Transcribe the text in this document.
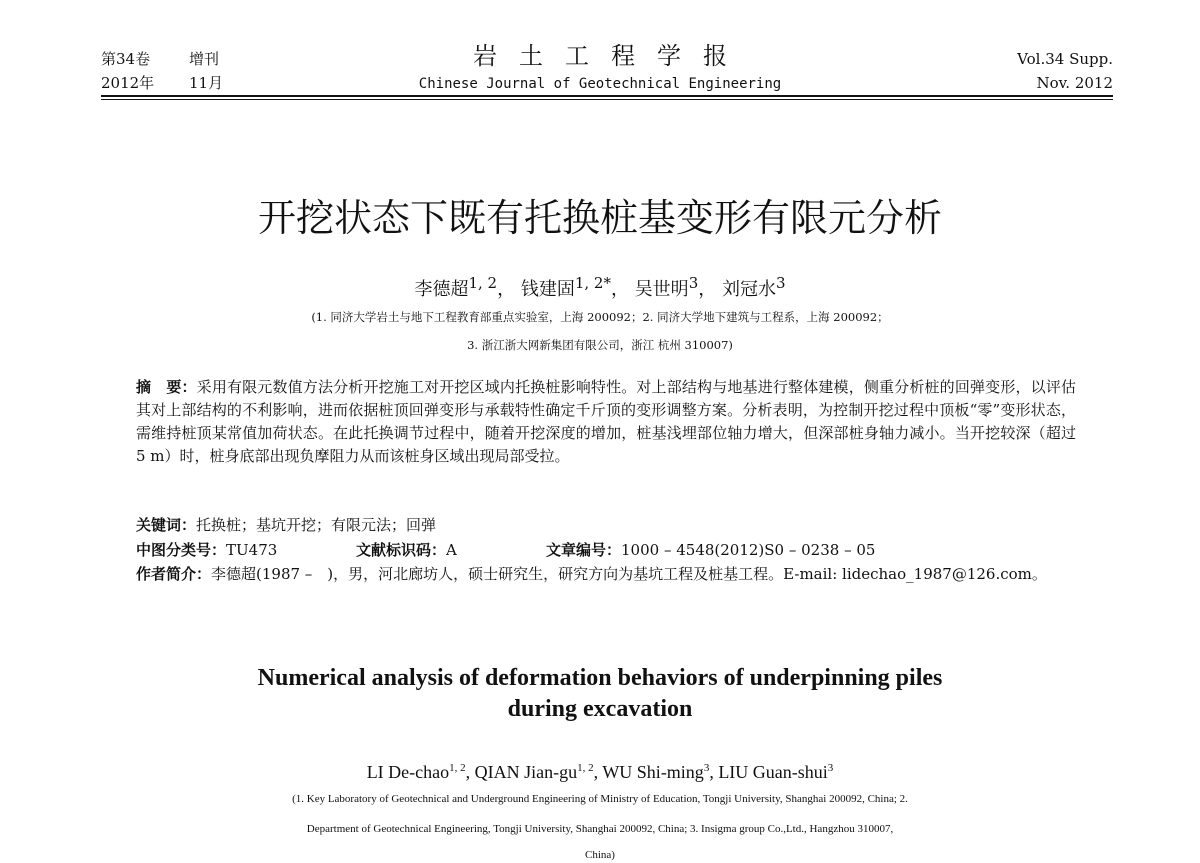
第34卷	增刊
2012年 11月
岩土工程学报
Chinese Journal of Geotechnical Engineering
Vol.34 Supp.
Nov. 2012
开挖状态下既有托换桩基变形有限元分析
李德超$^{1, 2}$， 钱建固$^{1, 2*}$， 吴世明$^3$， 刘冠水$^3$
(1. 同济大学岩土与地下工程教育部重点实验室，上海 200092；2. 同济大学地下建筑与工程系，上海 200092；
3. 浙江浙大网新集团有限公司，浙江 杭州 310007)
摘　要：采用有限元数值方法分析开挖施工对开挖区域内托换桩影响特性。对上部结构与地基进行整体建模，侧重分析桩的回弹变形，以评估其对上部结构的不利影响，进而依据桩顶回弹变形与承载特性确定千斤顶的变形调整方案。分析表明，为控制开挖过程中顶板“零”变形状态，需维持桩顶某常值加荷状态。在此托换调节过程中，随着开挖深度的增加，桩基浅埋部位轴力增大，但深部桩身轴力减小。当开挖较深（超过 5 m）时，桩身底部出现负摩阻力从而该桩身区域出现局部受拉。
关键词：托换桩；基坑开挖；有限元法；回弹
中图分类号：TU473	文献标识码：A	文章编号：1000 – 4548(2012)S0 – 0238 – 05
作者简介：李德超(1987 –　)，男，河北廊坊人，硕士研究生，研究方向为基坑工程及桩基工程。E-mail: lidechao_1987@126.com。
Numerical analysis of deformation behaviors of underpinning piles
during excavation
LI De-chao$^{1, 2}$, QIAN Jian-gu$^{1, 2}$, WU Shi-ming$^3$, LIU Guan-shui$^3$
(1. Key Laboratory of Geotechnical and Underground Engineering of Ministry of Education, Tongji University, Shanghai 200092, China; 2.
Department of Geotechnical Engineering, Tongji University, Shanghai 200092, China; 3. Insigma group Co.,Ltd., Hangzhou 310007,
China)
